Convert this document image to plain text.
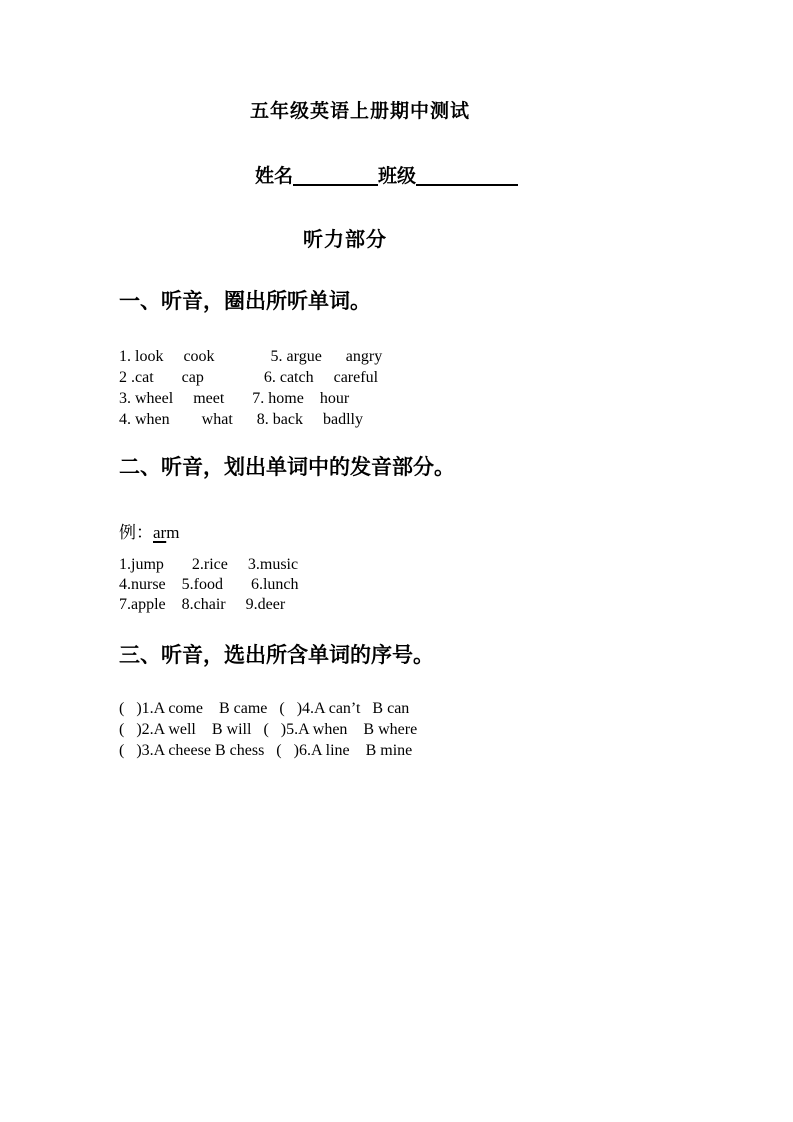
五年级英语上册期中测试
姓名	班级
听力部分
一、听音，圈出所听单词。
1. look     cook              5. argue      angry
2 .cat       cap               6. catch     careful
3. wheel     meet       7. home    hour
4. when        what      8. back     badlly
二、听音，划出单词中的发音部分。
例：arm
1.jump       2.rice     3.music
4.nurse    5.food       6.lunch
7.apple    8.chair     9.deer
三、听音，选出所含单词的序号。
(   )1.A come    B came   (   )4.A can’t   B can
(   )2.A well    B will   (   )5.A when    B where
(   )3.A cheese B chess   (   )6.A line    B mine
